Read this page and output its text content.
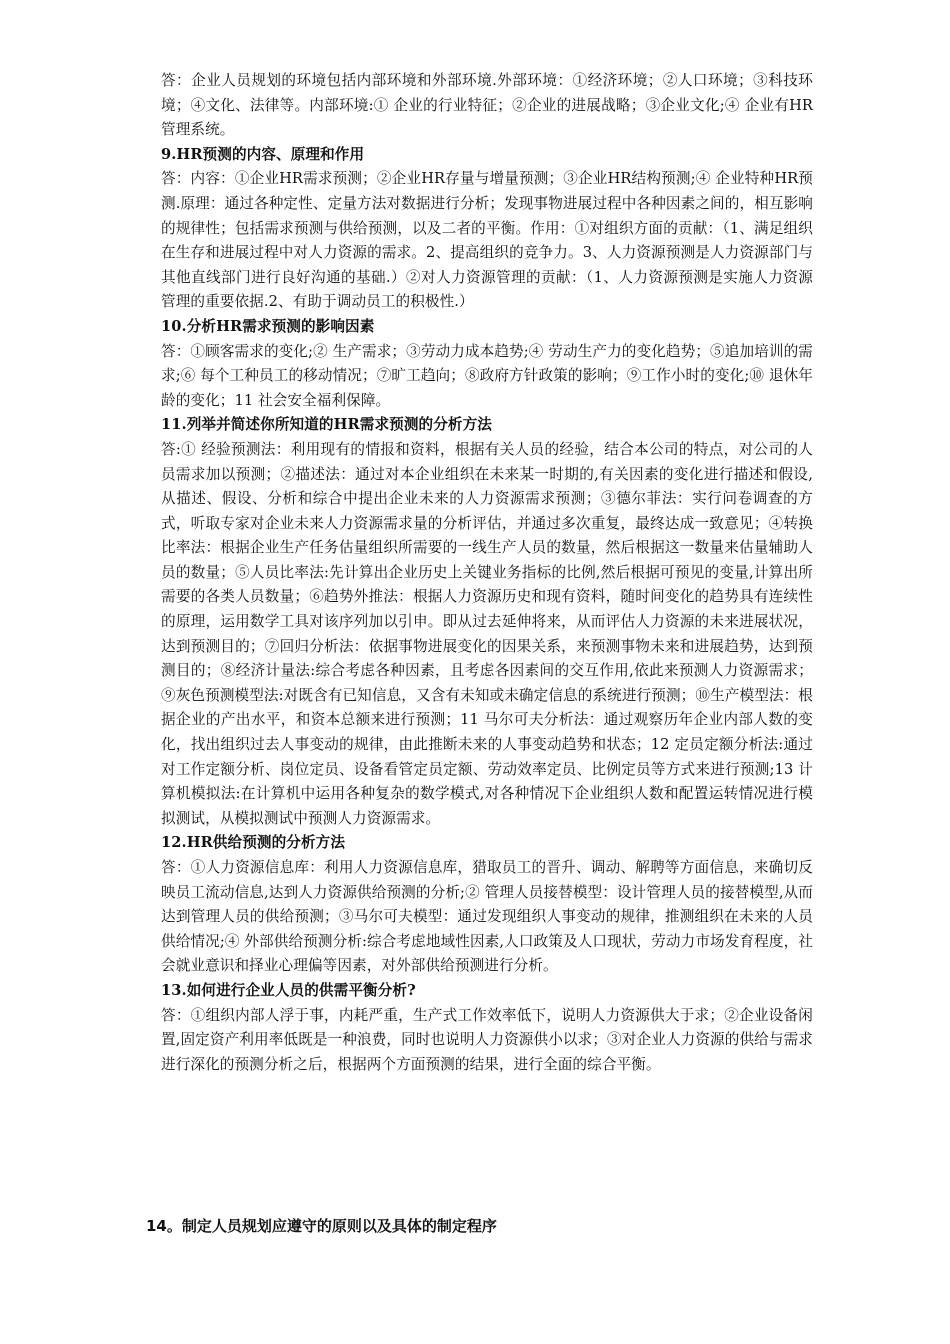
答：企业人员规划的环境包括内部环境和外部环境.外部环境：①经济环境；②人口环境；③科技环境；④文化、法律等。内部环境:① 企业的行业特征；②企业的进展战略；③企业文化;④ 企业有HR管理系统。

9.HR预测的内容、原理和作用

答：内容：①企业HR需求预测；②企业HR存量与增量预测；③企业HR结构预测;④ 企业特种HR预测.原理：通过各种定性、定量方法对数据进行分析；发现事物进展过程中各种因素之间的，相互影响的规律性；包括需求预测与供给预测，以及二者的平衡。作用：①对组织方面的贡献：（1、满足组织在生存和进展过程中对人力资源的需求。2、提高组织的竞争力。3、人力资源预测是人力资源部门与其他直线部门进行良好沟通的基础.）②对人力资源管理的贡献：（1、人力资源预测是实施人力资源管理的重要依据.2、有助于调动员工的积极性.）

10.分析HR需求预测的影响因素

答：①顾客需求的变化;② 生产需求；③劳动力成本趋势;④ 劳动生产力的变化趋势；⑤追加培训的需求;⑥ 每个工种员工的移动情况；⑦旷工趋向；⑧政府方针政策的影响；⑨工作小时的变化;⑩ 退休年龄的变化；11 社会安全福利保障。

11.列举并简述你所知道的HR需求预测的分析方法

答:① 经验预测法：利用现有的情报和资料，根据有关人员的经验，结合本公司的特点，对公司的人员需求加以预测；②描述法：通过对本企业组织在未来某一时期的,有关因素的变化进行描述和假设,从描述、假设、分析和综合中提出企业未来的人力资源需求预测；③德尔菲法：实行问卷调查的方式，听取专家对企业未来人力资源需求量的分析评估，并通过多次重复，最终达成一致意见；④转换比率法：根据企业生产任务估量组织所需要的一线生产人员的数量，然后根据这一数量来估量辅助人员的数量；⑤人员比率法:先计算出企业历史上关键业务指标的比例,然后根据可预见的变量,计算出所需要的各类人员数量；⑥趋势外推法：根据人力资源历史和现有资料，随时间变化的趋势具有连续性的原理，运用数学工具对该序列加以引申。即从过去延伸将来，从而评估人力资源的未来进展状况，达到预测目的；⑦回归分析法：依据事物进展变化的因果关系，来预测事物未来和进展趋势，达到预测目的；⑧经济计量法:综合考虑各种因素，且考虑各因素间的交互作用,依此来预测人力资源需求；⑨灰色预测模型法:对既含有已知信息，又含有未知或未确定信息的系统进行预测；⑩生产模型法：根据企业的产出水平，和资本总额来进行预测；11 马尔可夫分析法：通过观察历年企业内部人数的变化，找出组织过去人事变动的规律，由此推断未来的人事变动趋势和状态；12 定员定额分析法:通过对工作定额分析、岗位定员、设备看管定员定额、劳动效率定员、比例定员等方式来进行预测;13 计算机模拟法:在计算机中运用各种复杂的数学模式,对各种情况下企业组织人数和配置运转情况进行模拟测试，从模拟测试中预测人力资源需求。

12.HR供给预测的分析方法

答：①人力资源信息库：利用人力资源信息库，猎取员工的晋升、调动、解聘等方面信息，来确切反映员工流动信息,达到人力资源供给预测的分析;② 管理人员接替模型：设计管理人员的接替模型,从而达到管理人员的供给预测；③马尔可夫模型：通过发现组织人事变动的规律，推测组织在未来的人员供给情况;④ 外部供给预测分析:综合考虑地域性因素,人口政策及人口现状，劳动力市场发育程度，社会就业意识和择业心理偏等因素，对外部供给预测进行分析。

13.如何进行企业人员的供需平衡分析?

答：①组织内部人浮于事，内耗严重，生产式工作效率低下，说明人力资源供大于求；②企业设备闲置,固定资产利用率低既是一种浪费，同时也说明人力资源供小以求；③对企业人力资源的供给与需求进行深化的预测分析之后，根据两个方面预测的结果，进行全面的综合平衡。

14。制定人员规划应遵守的原则以及具体的制定程序
